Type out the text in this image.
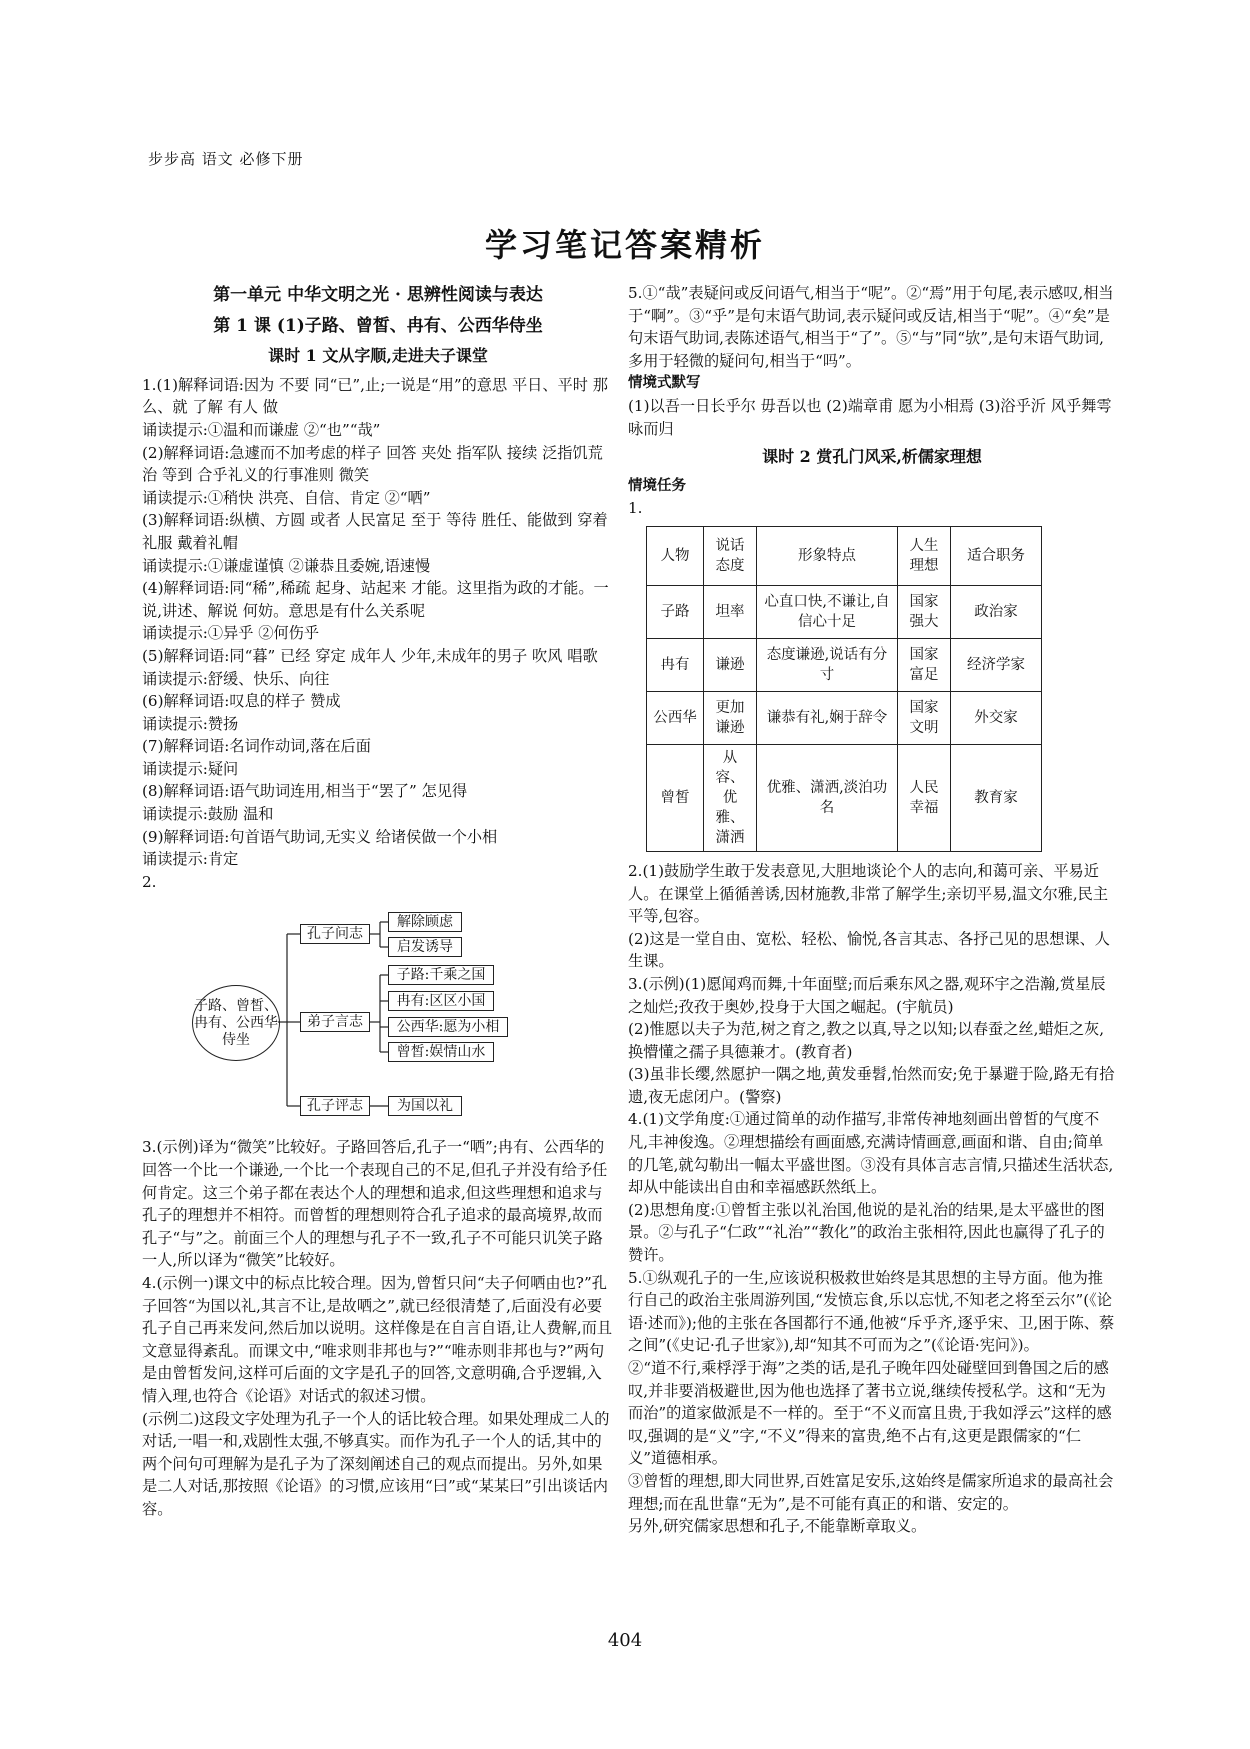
步步高 语文 必修下册
学习笔记答案精析
第一单元 中华文明之光 · 思辨性阅读与表达
第 1 课 (1)子路、曾皙、冉有、公西华侍坐
课时 1 文从字顺,走进夫子课堂
1.(1)解释词语:因为 不要 同“已”,止;一说是“用”的意思 平日、平时 那么、就 了解 有人 做
诵读提示:①温和而谦虚 ②“也”“哉”
(2)解释词语:急遽而不加考虑的样子 回答 夹处 指军队 接续 泛指饥荒 治 等到 合乎礼义的行事准则 微笑
诵读提示:①稍快 洪亮、自信、肯定 ②“哂”
(3)解释词语:纵横、方圆 或者 人民富足 至于 等待 胜任、能做到 穿着礼服 戴着礼帽
诵读提示:①谦虚谨慎 ②谦恭且委婉,语速慢
(4)解释词语:同“稀”,稀疏 起身、站起来 才能。这里指为政的才能。一说,讲述、解说 何妨。意思是有什么关系呢
诵读提示:①异乎 ②何伤乎
(5)解释词语:同“暮” 已经 穿定 成年人 少年,未成年的男子 吹风 唱歌
诵读提示:舒缓、快乐、向往
(6)解释词语:叹息的样子 赞成
诵读提示:赞扬
(7)解释词语:名词作动词,落在后面
诵读提示:疑问
(8)解释词语:语气助词连用,相当于“罢了” 怎见得
诵读提示:鼓励 温和
(9)解释词语:句首语气助词,无实义 给诸侯做一个小相
诵读提示:肯定
2.
子路、曾皙、冉有、公西华侍坐
孔子问志
弟子言志
孔子评志
解除顾虑
启发诱导
子路:千乘之国
冉有:区区小国
公西华:愿为小相
曾皙:娱情山水
为国以礼
3.(示例)译为“微笑”比较好。子路回答后,孔子一“哂”;冉有、公西华的回答一个比一个谦逊,一个比一个表现自己的不足,但孔子并没有给予任何肯定。这三个弟子都在表达个人的理想和追求,但这些理想和追求与孔子的理想并不相符。而曾皙的理想则符合孔子追求的最高境界,故而孔子“与”之。前面三个人的理想与孔子不一致,孔子不可能只讥笑子路一人,所以译为“微笑”比较好。
4.(示例一)课文中的标点比较合理。因为,曾皙只问“夫子何哂由也?”孔子回答“为国以礼,其言不让,是故哂之”,就已经很清楚了,后面没有必要孔子自己再来发问,然后加以说明。这样像是在自言自语,让人费解,而且文意显得紊乱。而课文中,“唯求则非邦也与?”“唯赤则非邦也与?”两句是由曾皙发问,这样可后面的文字是孔子的回答,文意明确,合乎逻辑,入情入理,也符合《论语》对话式的叙述习惯。
(示例二)这段文字处理为孔子一个人的话比较合理。如果处理成二人的对话,一唱一和,戏剧性太强,不够真实。而作为孔子一个人的话,其中的两个问句可理解为是孔子为了深刻阐述自己的观点而提出。另外,如果是二人对话,那按照《论语》的习惯,应该用“曰”或“某某曰”引出谈话内容。
5.①“哉”表疑问或反问语气,相当于“呢”。②“焉”用于句尾,表示感叹,相当于“啊”。③“乎”是句末语气助词,表示疑问或反诘,相当于“呢”。④“矣”是句末语气助词,表陈述语气,相当于“了”。⑤“与”同“欤”,是句末语气助词,多用于轻微的疑问句,相当于“吗”。
情境式默写
(1)以吾一日长乎尔 毋吾以也 (2)端章甫 愿为小相焉 (3)浴乎沂 风乎舞雩 咏而归
课时 2 赏孔门风采,析儒家理想
情境任务
1.
人物	说话态度	形象特点	人生理想	适合职务
子路	坦率	心直口快,不谦让,自信心十足	国家强大	政治家
冉有	谦逊	态度谦逊,说话有分寸	国家富足	经济学家
公西华	更加谦逊	谦恭有礼,娴于辞令	国家文明	外交家
曾皙	从容、优雅、潇洒	优雅、潇洒,淡泊功名	人民幸福	教育家
2.(1)鼓励学生敢于发表意见,大胆地谈论个人的志向,和蔼可亲、平易近人。在课堂上循循善诱,因材施教,非常了解学生;亲切平易,温文尔雅,民主平等,包容。
(2)这是一堂自由、宽松、轻松、愉悦,各言其志、各抒己见的思想课、人生课。
3.(示例)(1)愿闻鸡而舞,十年面壁;而后乘东风之器,观环宇之浩瀚,赏星辰之灿烂;孜孜于奥妙,投身于大国之崛起。(宇航员)
(2)惟愿以夫子为范,树之育之,教之以真,导之以知;以春蚕之丝,蜡炬之灰,换懵懂之孺子具德兼才。(教育者)
(3)虽非长缨,然愿护一隅之地,黄发垂髫,怡然而安;免于暴避于险,路无有拾遗,夜无虑闭户。(警察)
4.(1)文学角度:①通过简单的动作描写,非常传神地刻画出曾皙的气度不凡,丰神俊逸。②理想描绘有画面感,充满诗情画意,画面和谐、自由;简单的几笔,就勾勒出一幅太平盛世图。③没有具体言志言情,只描述生活状态,却从中能读出自由和幸福感跃然纸上。
(2)思想角度:①曾皙主张以礼治国,他说的是礼治的结果,是太平盛世的图景。②与孔子“仁政”“礼治”“教化”的政治主张相符,因此也赢得了孔子的赞许。
5.①纵观孔子的一生,应该说积极救世始终是其思想的主导方面。他为推行自己的政治主张周游列国,“发愤忘食,乐以忘忧,不知老之将至云尔”(《论语·述而》);他的主张在各国都行不通,他被“斥乎齐,逐乎宋、卫,困于陈、蔡之间”(《史记·孔子世家》),却“知其不可而为之”(《论语·宪问》)。
②“道不行,乘桴浮于海”之类的话,是孔子晚年四处碰壁回到鲁国之后的感叹,并非要消极避世,因为他也选择了著书立说,继续传授私学。这和“无为而治”的道家做派是不一样的。至于“不义而富且贵,于我如浮云”这样的感叹,强调的是“义”字,“不义”得来的富贵,绝不占有,这更是跟儒家的“仁义”道德相承。
③曾皙的理想,即大同世界,百姓富足安乐,这始终是儒家所追求的最高社会理想;而在乱世靠“无为”,是不可能有真正的和谐、安定的。
另外,研究儒家思想和孔子,不能靠断章取义。
404
